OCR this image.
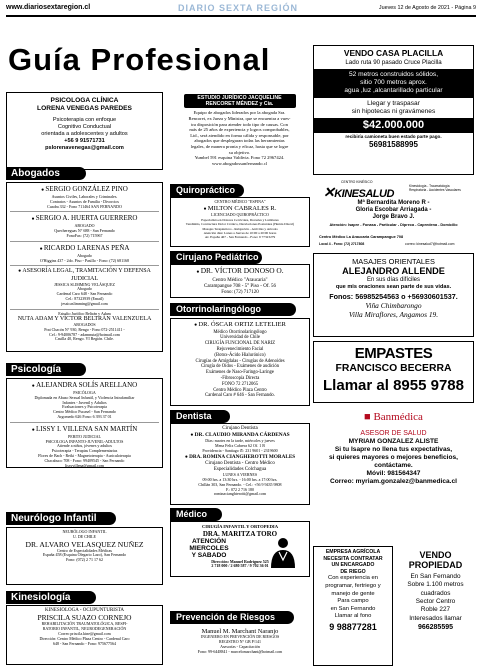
www.diariosextaregion.cl	DIARIO SEXTA REGIÓN	Jueves 12 de Agosto de 2021 - Página 9
Guía Profesional
PSICOLOGA CLÍNICA
LORENA VENEGAS PAREDES
Psicoterapia con enfoque
Cognitivo Conductual
orientada a adolescentes y adultos
+56 9 91571731
pslorenavenegas@gmail.com
Abogados
● SERGIO GONZÁLEZ PINO
Asuntos Civiles, Laborales y Criminales.
Contratos - Asuntos de Familia - Divorcios
Cuadra 332 - Fono 711464 SAN FERNANDO
● SERGIO A. HUERTA GUERRERO
ABOGADO
Quechereguas N° 688 - San Fernando
FonoFax: (72) 715967
● RICARDO LARENAS PEÑA
Abogado
O'Higgins 437 - 2do. Piso - Pasillo - Fono: (72) 681168
● ASESORÍA LEGAL, TRAMITACIÓN Y DEFENSA JUDICIAL
JESSICA SLIMMING VELÁSQUEZ
Abogado
Cardenal Caro 648 - San Fernando
Cel.: 87323939 (Email)
jessicaslimming@gmail.com
Estudio Jurídico Beltrán y Adam
NUTA ADAM Y VÍCTOR BELTRÁN VALENZUELA
ABOGADOS
Prat Chacón N° 930, Rengo - Fono 072-2511411 -
Cel.: 9-94006787 - adamnuta@hotmail.com
Casilla 40, Rengo. VI Región. Chile.
Psicología
● ALEJANDRA SOLÍS ARELLANO
PSICÓLOGA
Diplomada en Abuso Sexual Infantil, y Violencia Intrafamiliar
Infantes - Juvenil y Adultos
Evaluaciones y Psicoterapia
Centro Médico Pucasel - San Fernando
Argomedo 626 Fono: 6 393 37 01
● LISSY I. VILLENA SAN MARTÍN
PERITO JUDICIAL
PSICOLOGA INFANTO-JUVENIL-ADULTOS
Atiende a niños, jóvenes y adultos
Psicoterapia - Terapias Complementarias
Flores de Bach - Reiki - Magnetoterapia - Auriculoterapia
Chacabuco 708 - Fono: 99409545 - San Fernando
lissyvillena@gmail.com
Neurólogo Infantil
NEURÓLOGO INFANTIL
U. DE CHILE
DR. ALVARO VELASQUEZ NUÑEZ
Centro de Especialidades Médicas
España 458 (Esquina Olegario Lazo), San Fernando
Fono: (072) 2 71 17 62
Kinesiología
KINESIOLOGA - OCUPUNTURISTA
PRISCILA SUAZO CORNEJO
REHABILITACIÓN TRAUMATOLÓGICA, RESPI-
RATORIO INFANTIL, NEURODEGENERACIÓN
Correo priscila.kine@gmail.com
Dirección: Centro Médico Plaza Centro - Cardenal Caro
648 - San Fernando - Fono: 975677564
ESTUDIO JURÍDICO JACQUELINE RENCORET MÉNDEZ y Cía.
Equipo de abogados liderados por la abogada Sra.
Rencoret, ex Jueza y Ministra, que se encuentra a vues-
tra disposición para atender todo tipo de causas. Con
más de 25 años de experiencia y logros comprobables,
Ltd., será atendido en forma cálida y responsable, por
abogados que desplegaran todas las herramientas
legales, de manera pronta y eficaz, hasta que se logre
su objetivo.
Yumbel 591 esquina Valdivia. Fono 72 2967424.
www.abogadossanfernando.cl
Quiropráctico
CENTRO MÉDICO "ESPINA"
● MILTON CABRALES R.
LICENCIADO QUIROPRÁCTICO
Especialista en Dolores Cervicales, Dorsales y Lumbares
Tendinitis, Contractura Dolor Crónico, Desviaciones Posturales (Hernia Discal)
Masajes Terapéuticos - Relajación - Arrivilas y Artrosis
Atención días: Lunes a Jueves de 10:00 a 20:00 horas
Av. España 467 - San Fernando - Fono: 9 77323279
Cirujano Pediátrico
● DR. VÍCTOR DONOSO O.
Centro Médico "Araucaria"
Carampangue 708 - 5° Piso - Of. 56
Fono: (72) 717120
Otorrinolaringólogo
● DR. ÓSCAR ORTIZ LETELIER
Médico Otorrinolaringólogo
Universidad de Chile
CIRUGÍA FUNCIONAL DE NARIZ
Rejuvenecimiento Facial
(Botox-Ácido Hialurónico)
Cirugías de Amígdalas - Cirugías de Adenoides
Cirugía de Oídos - Exámenes de audición
Exámenes de Naso-Faringo-Laringe
-Fibroscopía Directa
FONO 72 2712065
Centro Médico Plaza Centro
Cardenal Caro # 646 - San Fernando.
Dentista
Cirujano Dentista
● DR. CLAUDIO MIRANDA CÁRDENAS
Días: martes en la tarde, miércoles y jueves
Mena Felix Cabrera 62 Of. 1 B
Providencia - Santiago ✆: 231 9601 - 2319600
● DRA. ROMINA CIANGHEROTTI MORALES
Cirujano Dentista - Centro Médico
Especialidades Colchagua
LUNES A VIERNES
09:00 hrs. a 13:30 hrs. - 16:00 hrs. a 17:00 hrs.
Chillán 303, San Fernando. - Cel.: +56 9 9435 9808
F.: 072 2 716 180
rominacianghterotti@gmail.com
Médico
CIRUGÍA INFANTIL Y ORTOPEDIA
DRA. MARITZA TORO
ATENCIÓN
MIERCOLES
Y SABADO
Dirección: Manuel Rodríguez 525
2 718 000 / 2 680 587 / 9 702 36 01
Prevención de Riesgos
Manuel M. Marchant Naranjo
INGENIERO EN PREVENCIÓN DE RIESGOS
REGISTRO N° GB P/141
Asesorías - Capacitación
Fono: 99-6448841 - marcelomarchant@hotmail.com
VENDO CASA PLACILLA
Lado ruta 90 pasado Cruce Placilla
52 metros construidos sólidos,
sitio 700 metros aprox.
agua ,luz ,alcantarillado particular
Llegar y traspasar
sin hipotecas ni gravámenes
$42.000.000
recibiría camioneta buen estado parte pago.
56981588995
CENTRO KINÉSICO
✕KINESALUD
Kinesiología - Traumatología
Respiratoria - Accidentes Vasculares
Mª Bernardita Moreno R -
Gloria Escobar Arriagada -
Jorge Bravo J.
Atención: Isapre - Fonasa - Particular - Dipreca - Capredena - Domicilio
Centro Médico La Araucaria Carampangue 708
Local 4 - Fono: (72) 2717808	correo: kinesalud7@hotmail.com
MASAJES ORIENTALES
ALEJANDRO ALLENDE
En sus días difíciles
que mis oraciones sean parte de sus vidas.
Fonos: 56985254563 o +56930601537.
Viña Chimbarongo
Villa Miraflores, Angamos 19.
EMPASTES
FRANCISCO BECERRA
Llamar al 8955 9788
■ Banmédica
ASESOR DE SALUD
MYRIAM GONZALEZ ALISTE
Si tu Isapre no llena tus expectativas,
si quieres mayores o mejores beneficios,
contáctame.
Móvil: 981564347
Correo: myriam.gonzalez@banmedica.cl
EMPRESA AGRÍCOLA
NECESITA CONTRATAR
UN ENCARGADO
DE RIEGO
Con experiencia en
programar, fertriego y
manejo de gente
Para campo
en San Fernando
Llamar al fono
9 98877281
VENDO
PROPIEDAD
En San Fernando
Sobre 1.100 metros
cuadrados
Sector Centro
Roble 227
Interesados llamar
966285595
